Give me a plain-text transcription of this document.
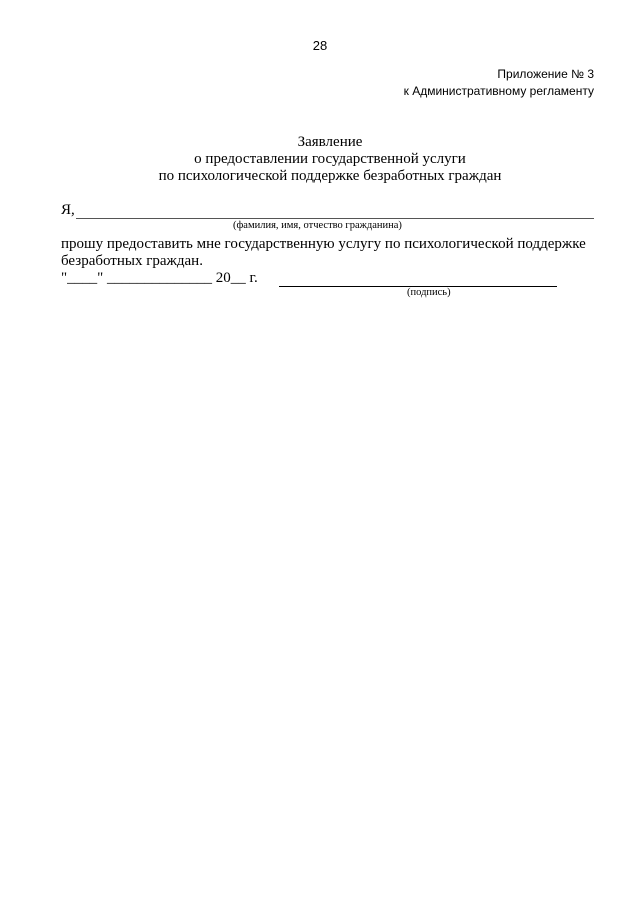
28
Приложение № 3
к Административному регламенту
Заявление
о предоставлении государственной услуги
по психологической поддержке безработных граждан
Я,
(фамилия, имя, отчество гражданина)
прошу предоставить мне государственную услугу по психологической поддержке
безработных граждан.
"____" ______________ 20__ г.
(подпись)
